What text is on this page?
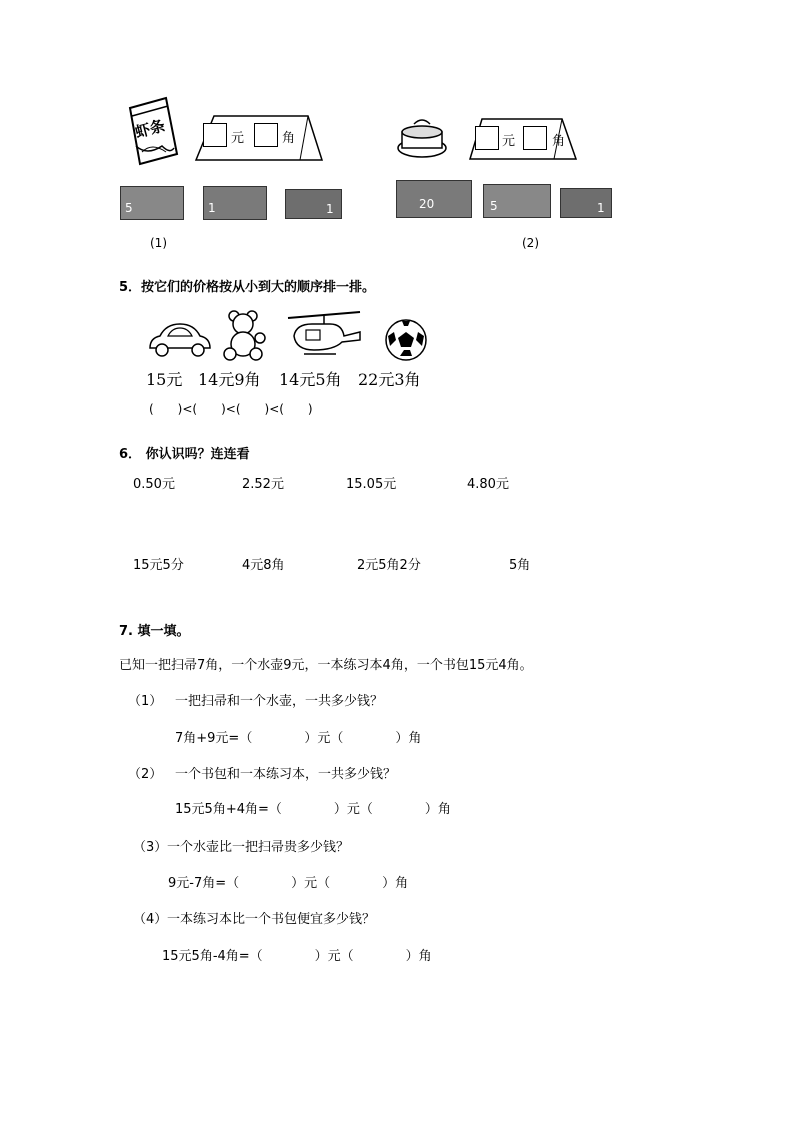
虾条	元	角
5	1	1
(1)
元	角
20	5	1
(2)
5．按它们的价格按从小到大的顺序排一排。
15元 14元9角 14元5角 22元3角
(　　)<(　　)<(　　)<(　　)
6． 你认识吗？连连看
0.50元	2.52元	15.05元	4.80元
15元5分	4元8角	2元5角2分	5角
7. 填一填。
已知一把扫帚7角，一个水壶9元，一本练习本4角，一个书包15元4角。
（1） 一把扫帚和一个水壶，一共多少钱？
7角+9元=（　　　　）元（　　　　）角
（2） 一个书包和一本练习本，一共多少钱？
15元5角+4角=（　　　　）元（　　　　）角
（3） 一个水壶比一把扫帚贵多少钱？
9元-7角=（　　　　）元（　　　　）角
（4） 一本练习本比一个书包便宜多少钱？
15元5角-4角=（　　　　）元（　　　　）角
